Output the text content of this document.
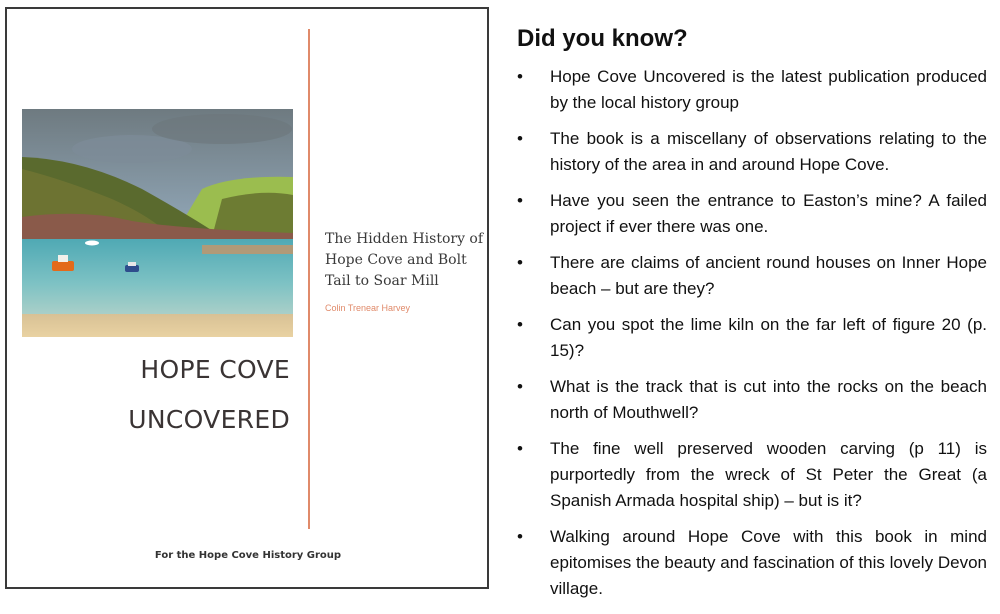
The Hidden History of Hope Cove and Bolt Tail to Soar Mill
Colin Trenear Harvey
HOPE COVE
UNCOVERED
For the Hope Cove History Group
Did you know?
• Hope Cove Uncovered is the latest publication produced by the local history group
• The book is a miscellany of observations relating to the history of the area in and around Hope Cove.
• Have you seen the entrance to Easton’s mine? A failed project if ever there was one.
• There are claims of ancient round houses on Inner Hope beach – but are they?
• Can you spot the lime kiln on the far left of figure 20 (p. 15)?
• What is the track that is cut into the rocks on the beach north of Mouthwell?
• The fine well preserved wooden carving (p 11) is purportedly from the wreck of St Peter the Great (a Spanish Armada hospital ship) – but is it?
• Walking around Hope Cove with this book in mind epitomises the beauty and fascination of this lovely Devon village.
